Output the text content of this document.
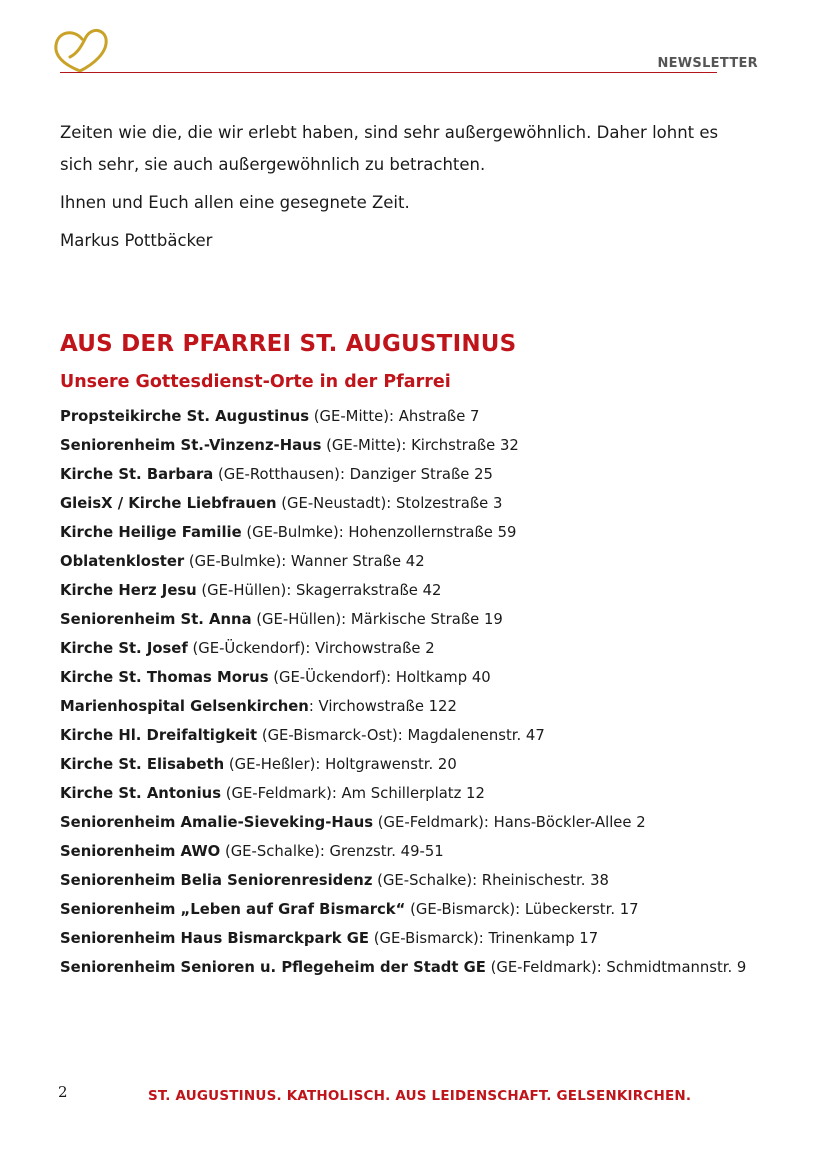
NEWSLETTER

Zeiten wie die, die wir erlebt haben, sind sehr außergewöhnlich. Daher lohnt es sich sehr, sie auch außergewöhnlich zu betrachten.

Ihnen und Euch allen eine gesegnete Zeit.

Markus Pottbäcker

AUS DER PFARREI ST. AUGUSTINUS
Unsere Gottesdienst-Orte in der Pfarrei
Propsteikirche St. Augustinus (GE-Mitte): Ahstraße 7
Seniorenheim St.-Vinzenz-Haus (GE-Mitte): Kirchstraße 32
Kirche St. Barbara (GE-Rotthausen): Danziger Straße 25
GleisX / Kirche Liebfrauen (GE-Neustadt): Stolzestraße 3
Kirche Heilige Familie (GE-Bulmke): Hohenzollernstraße 59
Oblatenkloster (GE-Bulmke): Wanner Straße 42
Kirche Herz Jesu (GE-Hüllen): Skagerrakstraße 42
Seniorenheim St. Anna (GE-Hüllen): Märkische Straße 19
Kirche St. Josef (GE-Ückendorf): Virchowstraße 2
Kirche St. Thomas Morus (GE-Ückendorf): Holtkamp 40
Marienhospital Gelsenkirchen: Virchowstraße 122
Kirche Hl. Dreifaltigkeit (GE-Bismarck-Ost): Magdalenenstr. 47
Kirche St. Elisabeth (GE-Heßler): Holtgrawenstr. 20
Kirche St. Antonius (GE-Feldmark): Am Schillerplatz 12
Seniorenheim Amalie-Sieveking-Haus (GE-Feldmark): Hans-Böckler-Allee 2
Seniorenheim AWO (GE-Schalke): Grenzstr. 49-51
Seniorenheim Belia Seniorenresidenz (GE-Schalke): Rheinischestr. 38
Seniorenheim „Leben auf Graf Bismarck“ (GE-Bismarck): Lübeckerstr. 17
Seniorenheim Haus Bismarckpark GE (GE-Bismarck): Trinenkamp 17
Seniorenheim Senioren u. Pflegeheim der Stadt GE (GE-Feldmark): Schmidtmannstr. 9
2	ST. AUGUSTINUS. KATHOLISCH. AUS LEIDENSCHAFT. GELSENKIRCHEN.
